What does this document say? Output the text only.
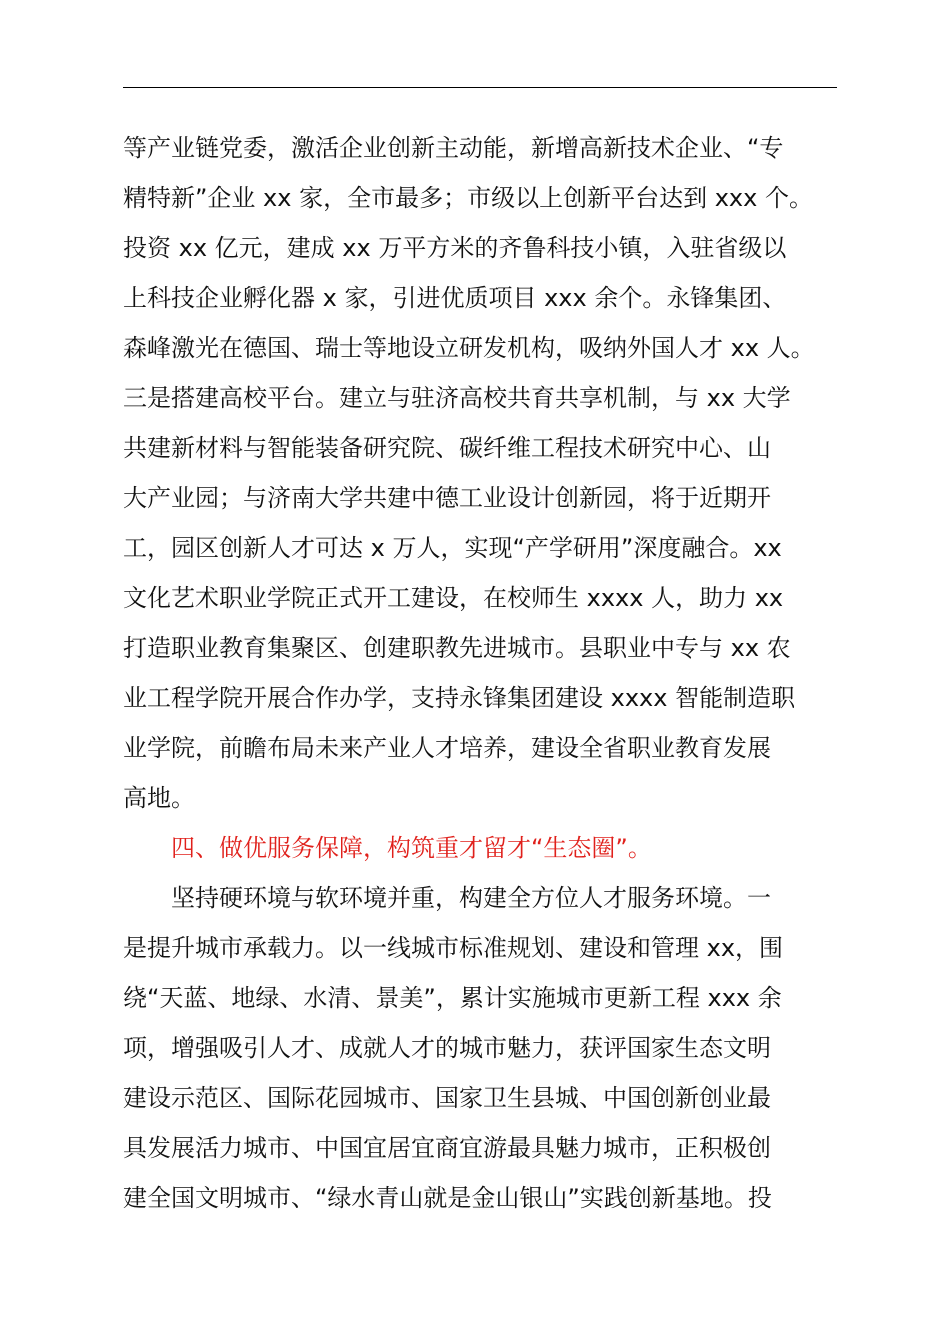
等产业链党委，激活企业创新主动能，新增高新技术企业、“专
精特新”企业 xx 家，全市最多；市级以上创新平台达到 xxx 个。
投资 xx 亿元，建成 xx 万平方米的齐鲁科技小镇，入驻省级以
上科技企业孵化器 x 家，引进优质项目 xxx 余个。永锋集团、
森峰激光在德国、瑞士等地设立研发机构，吸纳外国人才 xx 人。
三是搭建高校平台。建立与驻济高校共育共享机制，与 xx 大学
共建新材料与智能装备研究院、碳纤维工程技术研究中心、山
大产业园；与济南大学共建中德工业设计创新园，将于近期开
工，园区创新人才可达 x 万人，实现“产学研用”深度融合。xx
文化艺术职业学院正式开工建设，在校师生 xxxx 人，助力 xx
打造职业教育集聚区、创建职教先进城市。县职业中专与 xx 农
业工程学院开展合作办学，支持永锋集团建设 xxxx 智能制造职
业学院，前瞻布局未来产业人才培养，建设全省职业教育发展
高地。
四、做优服务保障，构筑重才留才“生态圈”。
坚持硬环境与软环境并重，构建全方位人才服务环境。一
是提升城市承载力。以一线城市标准规划、建设和管理 xx，围
绕“天蓝、地绿、水清、景美”，累计实施城市更新工程 xxx 余
项，增强吸引人才、成就人才的城市魅力，获评国家生态文明
建设示范区、国际花园城市、国家卫生县城、中国创新创业最
具发展活力城市、中国宜居宜商宜游最具魅力城市，正积极创
建全国文明城市、“绿水青山就是金山银山”实践创新基地。投
